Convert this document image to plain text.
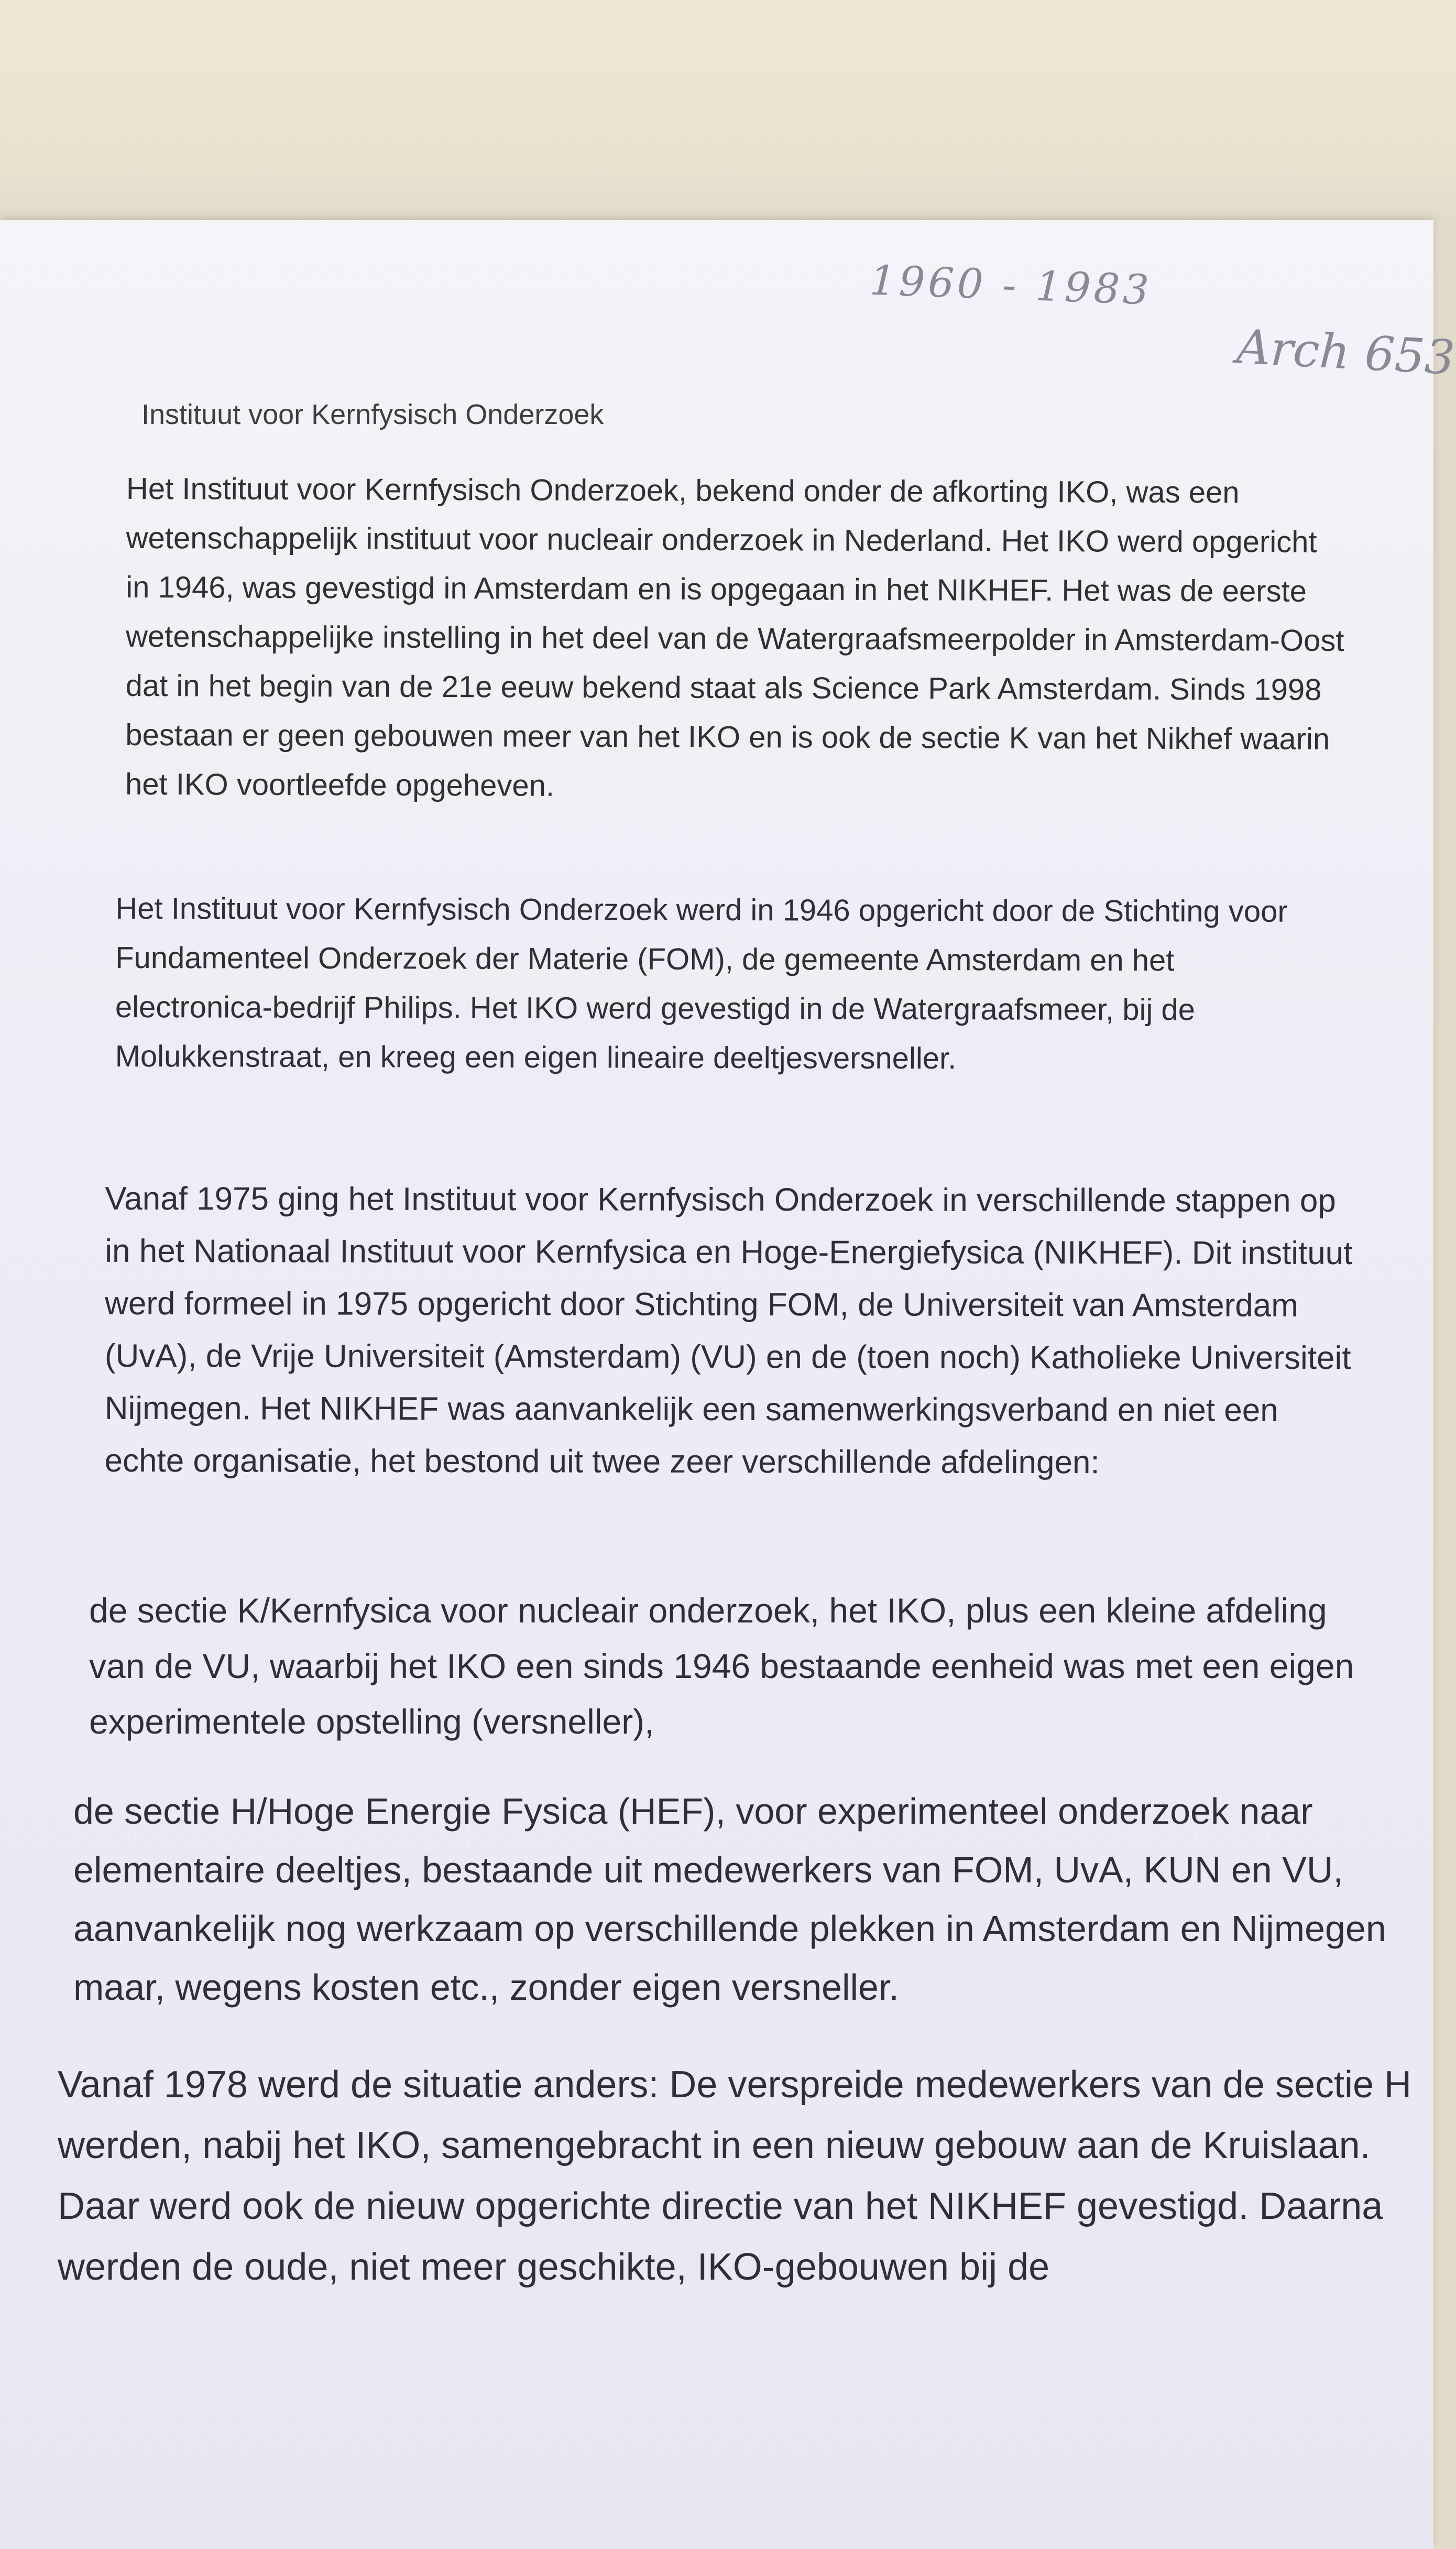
1960 - 1983
Arch 653
Instituut voor Kernfysisch Onderzoek

Het Instituut voor Kernfysisch Onderzoek, bekend onder de afkorting IKO, was een wetenschappelijk instituut voor nucleair onderzoek in Nederland. Het IKO werd opgericht in 1946, was gevestigd in Amsterdam en is opgegaan in het NIKHEF. Het was de eerste wetenschappelijke instelling in het deel van de Watergraafsmeerpolder in Amsterdam-Oost dat in het begin van de 21e eeuw bekend staat als Science Park Amsterdam. Sinds 1998 bestaan er geen gebouwen meer van het IKO en is ook de sectie K van het Nikhef waarin het IKO voortleefde opgeheven.

Het Instituut voor Kernfysisch Onderzoek werd in 1946 opgericht door de Stichting voor Fundamenteel Onderzoek der Materie (FOM), de gemeente Amsterdam en het electronica-bedrijf Philips. Het IKO werd gevestigd in de Watergraafsmeer, bij de Molukkenstraat, en kreeg een eigen lineaire deeltjesversneller.

Vanaf 1975 ging het Instituut voor Kernfysisch Onderzoek in verschillende stappen op in het Nationaal Instituut voor Kernfysica en Hoge-Energiefysica (NIKHEF). Dit instituut werd formeel in 1975 opgericht door Stichting FOM, de Universiteit van Amsterdam (UvA), de Vrije Universiteit (Amsterdam) (VU) en de (toen noch) Katholieke Universiteit Nijmegen. Het NIKHEF was aanvankelijk een samenwerkingsverband en niet een echte organisatie, het bestond uit twee zeer verschillende afdelingen:

de sectie K/Kernfysica voor nucleair onderzoek, het IKO, plus een kleine afdeling van de VU, waarbij het IKO een sinds 1946 bestaande eenheid was met een eigen experimentele opstelling (versneller),

de sectie H/Hoge Energie Fysica (HEF), voor experimenteel onderzoek naar elementaire deeltjes, bestaande uit medewerkers van FOM, UvA, KUN en VU, aanvankelijk nog werkzaam op verschillende plekken in Amsterdam en Nijmegen maar, wegens kosten etc., zonder eigen versneller.

Vanaf 1978 werd de situatie anders: De verspreide medewerkers van de sectie H werden, nabij het IKO, samengebracht in een nieuw gebouw aan de Kruislaan. Daar werd ook de nieuw opgerichte directie van het NIKHEF gevestigd. Daarna werden de oude, niet meer geschikte, IKO-gebouwen bij de
